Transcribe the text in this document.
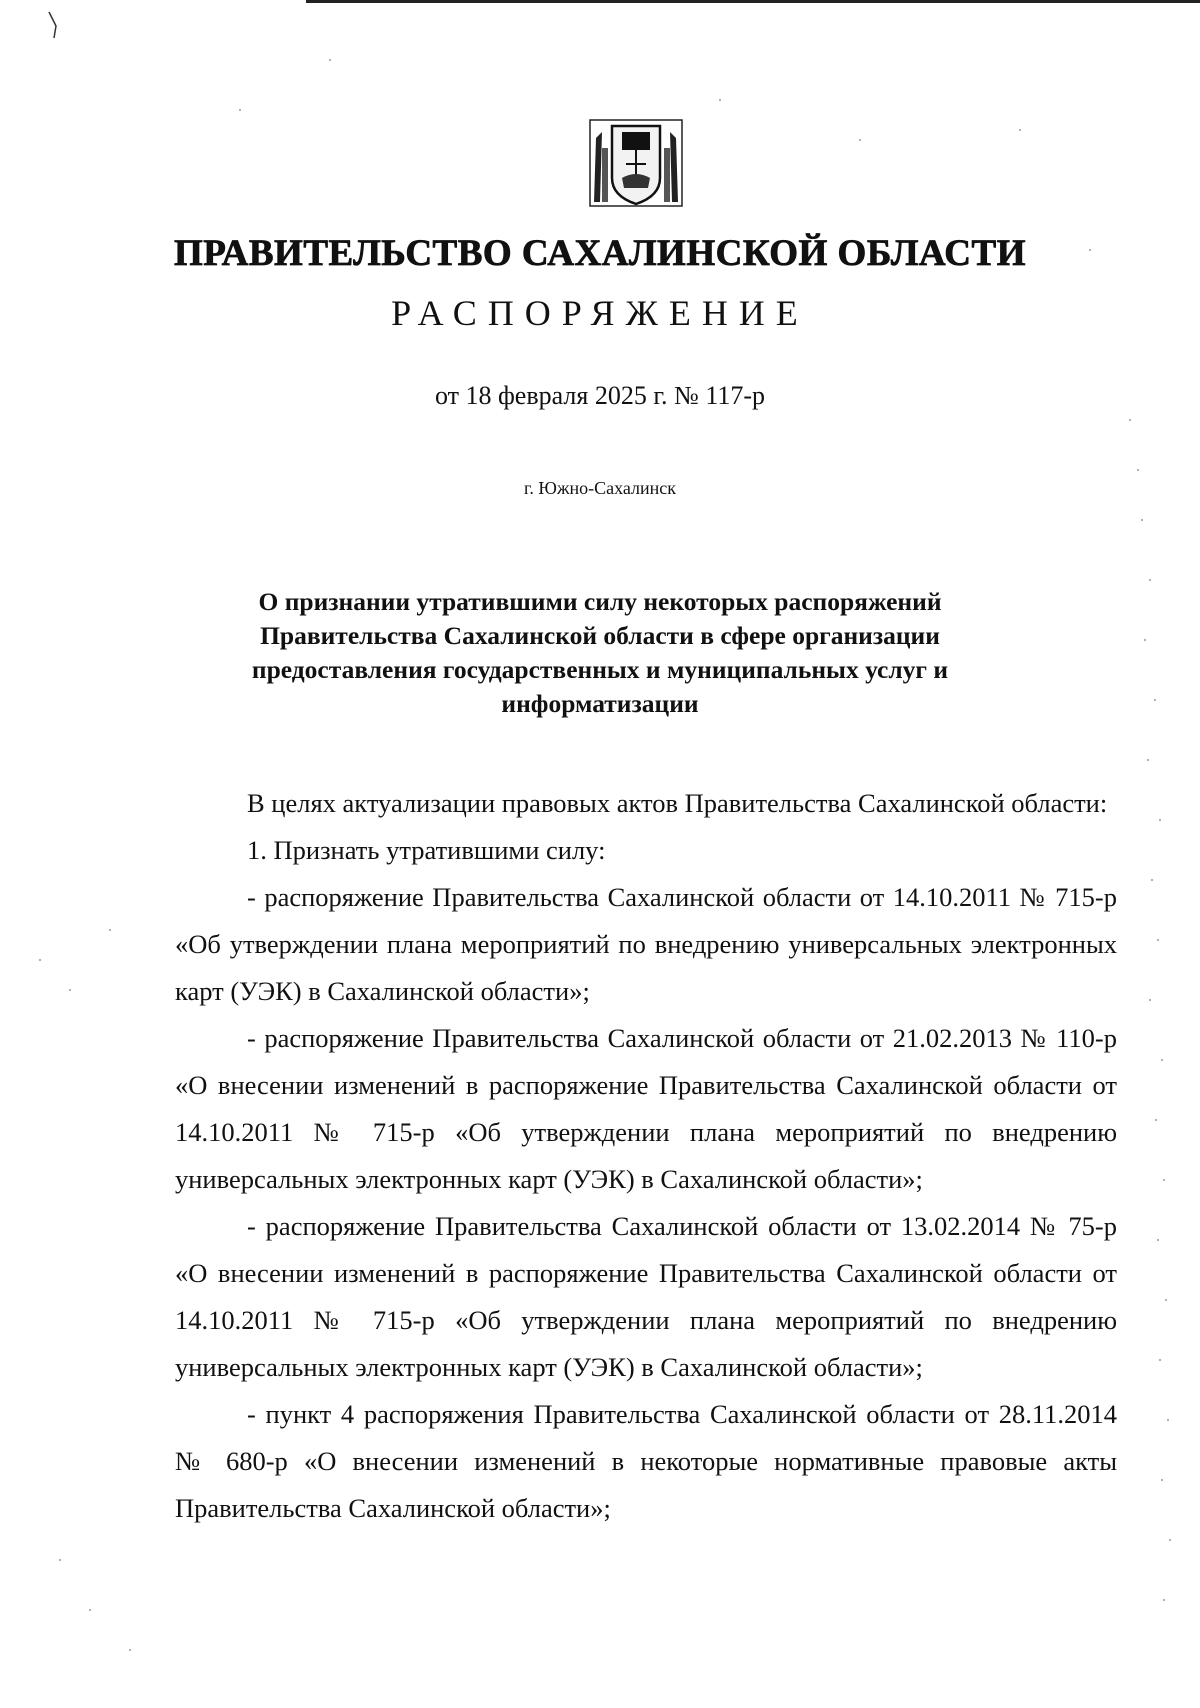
ПРАВИТЕЛЬСТВО САХАЛИНСКОЙ ОБЛАСТИ
РАСПОРЯЖЕНИЕ
от 18 февраля 2025 г. № 117-р
г. Южно-Сахалинск
О признании утратившими силу некоторых распоряжений Правительства Сахалинской области в сфере организации предоставления государственных и муниципальных услуг и информатизации

В целях актуализации правовых актов Правительства Сахалинской области:

1. Признать утратившими силу:

- распоряжение Правительства Сахалинской области от 14.10.2011 № 715-р «Об утверждении плана мероприятий по внедрению универсальных электронных карт (УЭК) в Сахалинской области»;

- распоряжение Правительства Сахалинской области от 21.02.2013 № 110-р «О внесении изменений в распоряжение Правительства Сахалинской области от 14.10.2011 № 715-р «Об утверждении плана мероприятий по внедрению универсальных электронных карт (УЭК) в Сахалинской области»;

- распоряжение Правительства Сахалинской области от 13.02.2014 № 75-р «О внесении изменений в распоряжение Правительства Сахалинской области от 14.10.2011 № 715-р «Об утверждении плана мероприятий по внедрению универсальных электронных карт (УЭК) в Сахалинской области»;

- пункт 4 распоряжения Правительства Сахалинской области от 28.11.2014 № 680-р «О внесении изменений в некоторые нормативные правовые акты Правительства Сахалинской области»;
